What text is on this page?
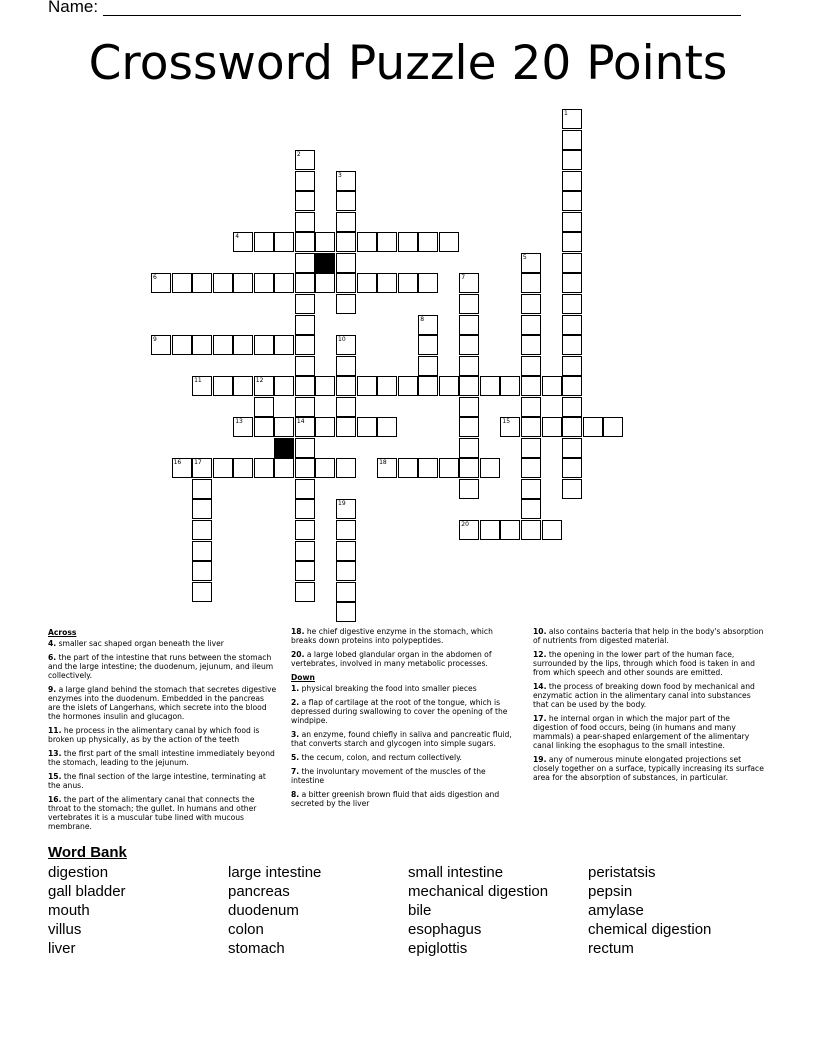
Name:
Crossword Puzzle 20 Points
4
6
9
11	12
13	14	15
16 17	18
20
1
2
3
5
7
8
10
19
Across
4. smaller sac shaped organ beneath the liver
6. the part of the intestine that runs between the stomach and the large intestine; the duodenum, jejunum, and ileum collectively.
9. a large gland behind the stomach that secretes digestive enzymes into the duodenum. Embedded in the pancreas are the islets of Langerhans, which secrete into the blood the hormones insulin and glucagon.
11. he process in the alimentary canal by which food is broken up physically, as by the action of the teeth
13. the first part of the small intestine immediately beyond the stomach, leading to the jejunum.
15. the final section of the large intestine, terminating at the anus.
16. the part of the alimentary canal that connects the throat to the stomach; the gullet. In humans and other vertebrates it is a muscular tube lined with mucous membrane.
18. he chief digestive enzyme in the stomach, which breaks down proteins into polypeptides.
20. a large lobed glandular organ in the abdomen of vertebrates, involved in many metabolic processes.
Down
1. physical breaking the food into smaller pieces
2. a flap of cartilage at the root of the tongue, which is depressed during swallowing to cover the opening of the windpipe.
3. an enzyme, found chiefly in saliva and pancreatic fluid, that converts starch and glycogen into simple sugars.
5. the cecum, colon, and rectum collectively.
7. the involuntary movement of the muscles of the intestine
8. a bitter greenish brown fluid that aids digestion and secreted by the liver
10. also contains bacteria that help in the body's absorption of nutrients from digested material.
12. the opening in the lower part of the human face, surrounded by the lips, through which food is taken in and from which speech and other sounds are emitted.
14. the process of breaking down food by mechanical and enzymatic action in the alimentary canal into substances that can be used by the body.
17. he internal organ in which the major part of the digestion of food occurs, being (in humans and many mammals) a pear-shaped enlargement of the alimentary canal linking the esophagus to the small intestine.
19. any of numerous minute elongated projections set closely together on a surface, typically increasing its surface area for the absorption of substances, in particular.
Word Bank
digestion
gall bladder
mouth
villus
liver
large intestine
pancreas
duodenum
colon
stomach
small intestine
mechanical digestion
bile
esophagus
epiglottis
peristatsis
pepsin
amylase
chemical digestion
rectum
